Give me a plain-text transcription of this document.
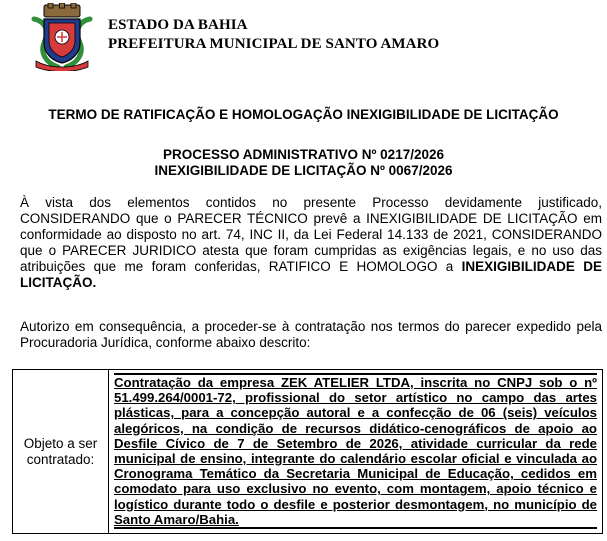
ESTADO DA BAHIA
PREFEITURA MUNICIPAL DE SANTO AMARO
TERMO DE RATIFICAÇÃO E HOMOLOGAÇÃO INEXIGIBILIDADE DE LICITAÇÃO
PROCESSO ADMINISTRATIVO Nº 0217/2026
INEXIGIBILIDADE DE LICITAÇÃO Nº 0067/2026

À vista dos elementos contidos no presente Processo devidamente justificado, CONSIDERANDO que o PARECER TÉCNICO prevê a INEXIGIBILIDADE DE LICITAÇÃO em conformidade ao disposto no art. 74, INC II, da Lei Federal 14.133 de 2021, CONSIDERANDO que o PARECER JURIDICO atesta que foram cumpridas as exigências legais, e no uso das atribuições que me foram conferidas, RATIFICO E HOMOLOGO a INEXIGIBILIDADE DE LICITAÇÃO.

Autorizo em consequência, a proceder-se à contratação nos termos do parecer expedido pela Procuradoria Jurídica, conforme abaixo descrito:

Objeto a ser contratado:	
Contratação da empresa ZEK ATELIER LTDA, inscrita no CNPJ sob o nº 51.499.264/0001-72, profissional do setor artístico no campo das artes plásticas, para a concepção autoral e a confecção de 06 (seis) veículos alegóricos, na condição de recursos didático-cenográficos de apoio ao Desfile Cívico de 7 de Setembro de 2026, atividade curricular da rede municipal de ensino, integrante do calendário escolar oficial e vinculada ao Cronograma Temático da Secretaria Municipal de Educação, cedidos em comodato para uso exclusivo no evento, com montagem, apoio técnico e logístico durante todo o desfile e posterior desmontagem, no município de Santo Amaro/Bahia.
